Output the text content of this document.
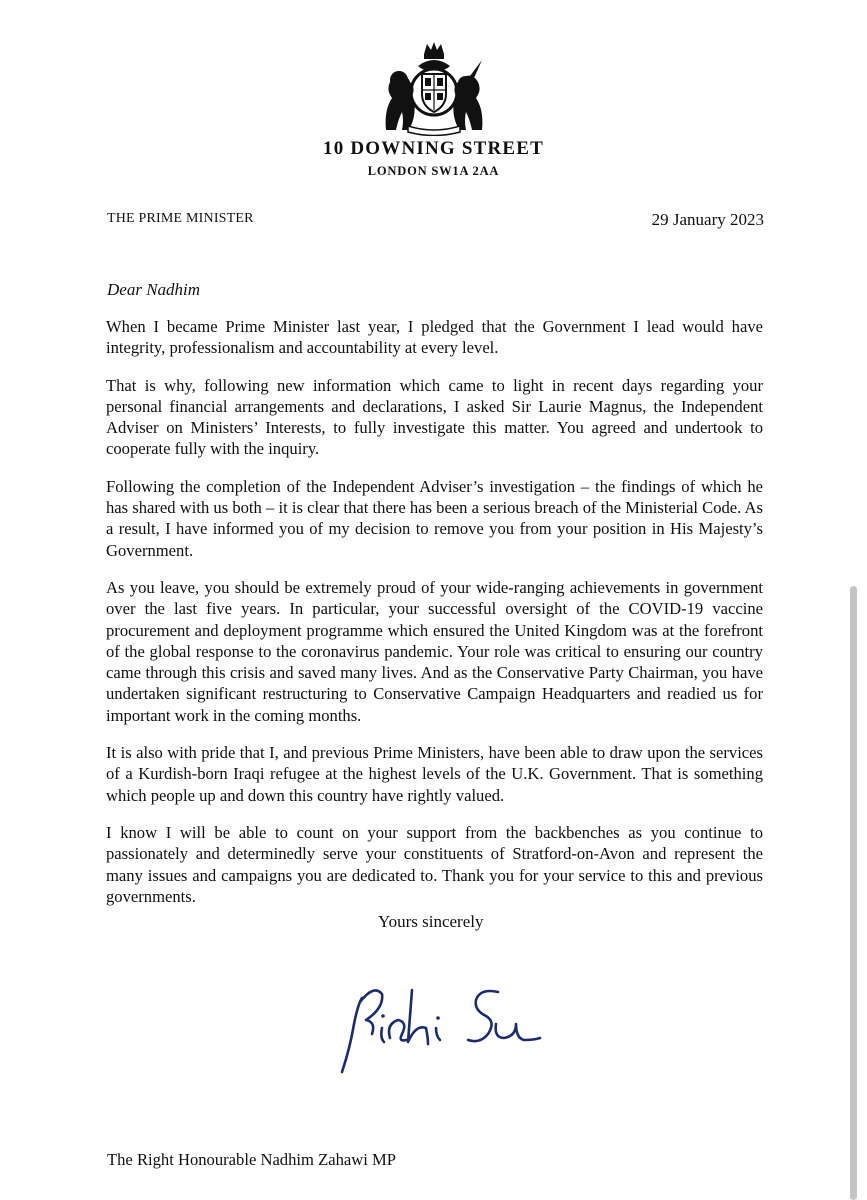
10 DOWNING STREET
LONDON SW1A 2AA
THE PRIME MINISTER	29 January 2023
Dear Nadhim

When I became Prime Minister last year, I pledged that the Government I lead would have integrity, professionalism and accountability at every level.

That is why, following new information which came to light in recent days regarding your personal financial arrangements and declarations, I asked Sir Laurie Magnus, the Independent Adviser on Ministers’ Interests, to fully investigate this matter. You agreed and undertook to cooperate fully with the inquiry.

Following the completion of the Independent Adviser’s investigation – the findings of which he has shared with us both – it is clear that there has been a serious breach of the Ministerial Code. As a result, I have informed you of my decision to remove you from your position in His Majesty’s Government.

As you leave, you should be extremely proud of your wide-ranging achievements in government over the last five years. In particular, your successful oversight of the COVID-19 vaccine procurement and deployment programme which ensured the United Kingdom was at the forefront of the global response to the coronavirus pandemic. Your role was critical to ensuring our country came through this crisis and saved many lives. And as the Conservative Party Chairman, you have undertaken significant restructuring to Conservative Campaign Headquarters and readied us for important work in the coming months.

It is also with pride that I, and previous Prime Ministers, have been able to draw upon the services of a Kurdish-born Iraqi refugee at the highest levels of the U.K. Government. That is something which people up and down this country have rightly valued.

I know I will be able to count on your support from the backbenches as you continue to passionately and determinedly serve your constituents of Stratford-on-Avon and represent the many issues and campaigns you are dedicated to. Thank you for your service to this and previous governments.

Yours sincerely
The Right Honourable Nadhim Zahawi MP
